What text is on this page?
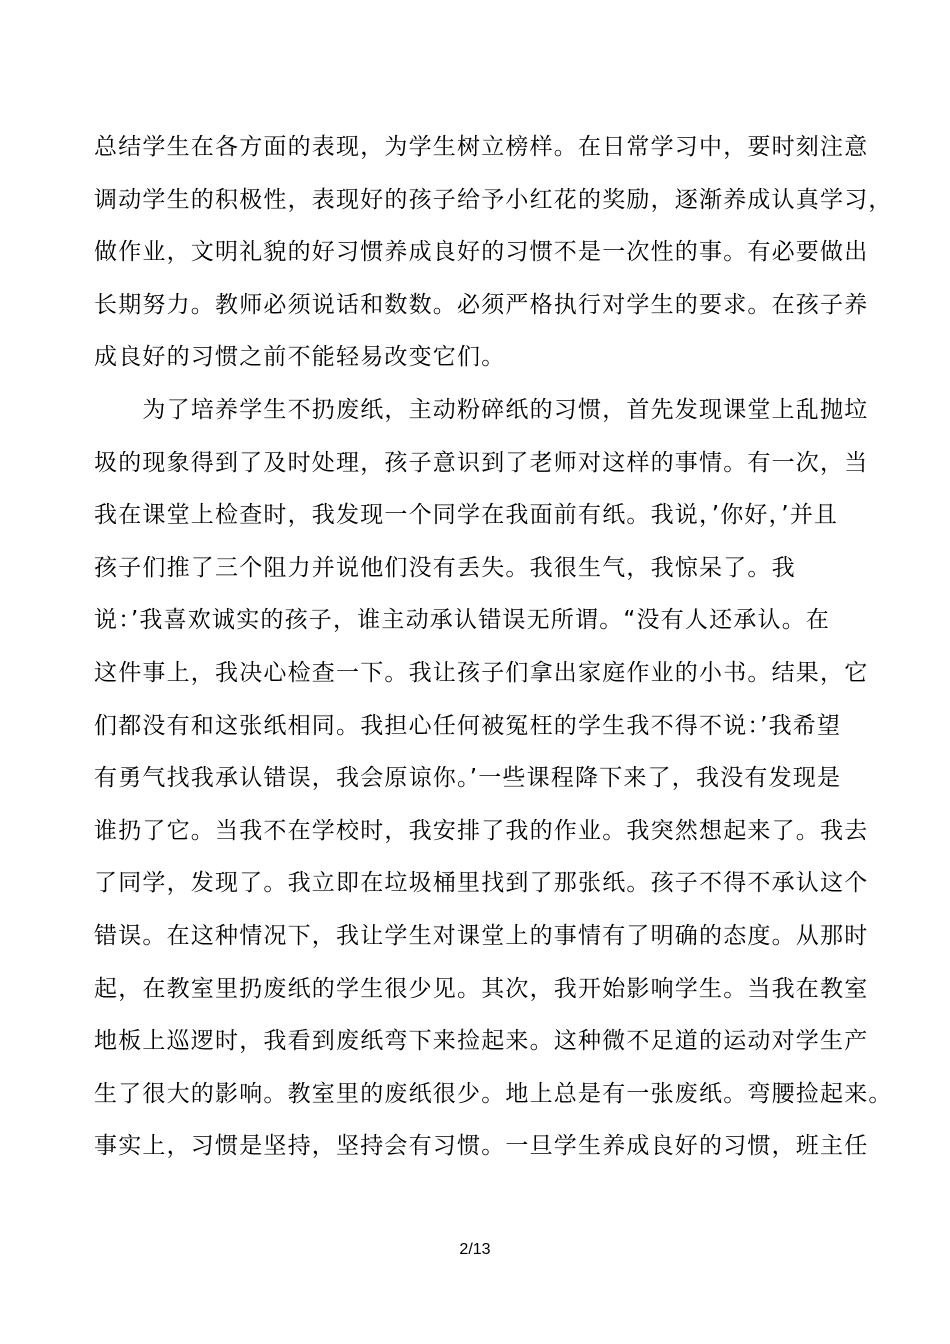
总结学生在各方面的表现，为学生树立榜样。在日常学习中，要时刻注意
调动学生的积极性，表现好的孩子给予小红花的奖励，逐渐养成认真学习，
做作业，文明礼貌的好习惯养成良好的习惯不是一次性的事。有必要做出
长期努力。教师必须说话和数数。必须严格执行对学生的要求。在孩子养
成良好的习惯之前不能轻易改变它们。
　　为了培养学生不扔废纸，主动粉碎纸的习惯，首先发现课堂上乱抛垃
圾的现象得到了及时处理，孩子意识到了老师对这样的事情。有一次，当
我在课堂上检查时，我发现一个同学在我面前有纸。我说，’你好，’并且
孩子们推了三个阻力并说他们没有丢失。我很生气，我惊呆了。我
说：’我喜欢诚实的孩子，谁主动承认错误无所谓。“没有人还承认。在
这件事上，我决心检查一下。我让孩子们拿出家庭作业的小书。结果，它
们都没有和这张纸相同。我担心任何被冤枉的学生我不得不说：’我希望
有勇气找我承认错误，我会原谅你。’一些课程降下来了，我没有发现是
谁扔了它。当我不在学校时，我安排了我的作业。我突然想起来了。我去
了同学，发现了。我立即在垃圾桶里找到了那张纸。孩子不得不承认这个
错误。在这种情况下，我让学生对课堂上的事情有了明确的态度。从那时
起，在教室里扔废纸的学生很少见。其次，我开始影响学生。当我在教室
地板上巡逻时，我看到废纸弯下来捡起来。这种微不足道的运动对学生产
生了很大的影响。教室里的废纸很少。地上总是有一张废纸。弯腰捡起来。
事实上，习惯是坚持，坚持会有习惯。一旦学生养成良好的习惯，班主任
2/13
